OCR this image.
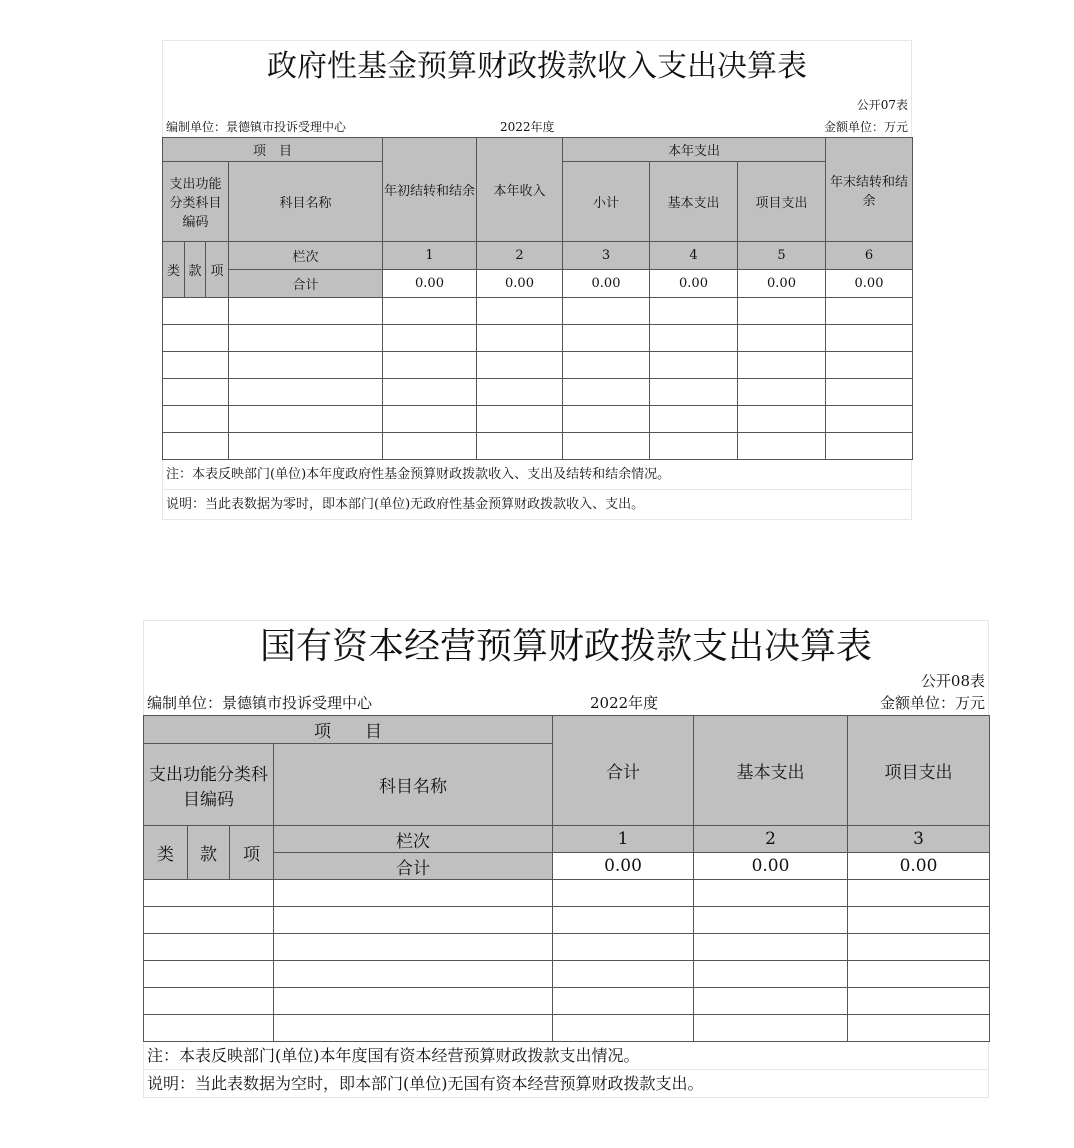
政府性基金预算财政拨款收入支出决算表
公开07表
编制单位：景德镇市投诉受理中心	2022年度	金额单位：万元
项　目				年初结转和结余	本年收入	本年支出			年末结转和结余
支出功能分类科目编码			科目名称			小计	基本支出	项目支出	
类	款	项	栏次	1	2	3	4	5	6
			合计	0.00	0.00	0.00	0.00	0.00	0.00

注：本表反映部门(单位)本年度政府性基金预算财政拨款收入、支出及结转和结余情况。
说明：当此表数据为零时，即本部门(单位)无政府性基金预算财政拨款收入、支出。
国有资本经营预算财政拨款支出决算表
公开08表
编制单位：景德镇市投诉受理中心	2022年度	金额单位：万元
项　　目				合计	基本支出	项目支出
支出功能分类科目编码			科目名称			
类	款	项	栏次	1	2	3
			合计	0.00	0.00	0.00

注：本表反映部门(单位)本年度国有资本经营预算财政拨款支出情况。
说明：当此表数据为空时，即本部门(单位)无国有资本经营预算财政拨款支出。
